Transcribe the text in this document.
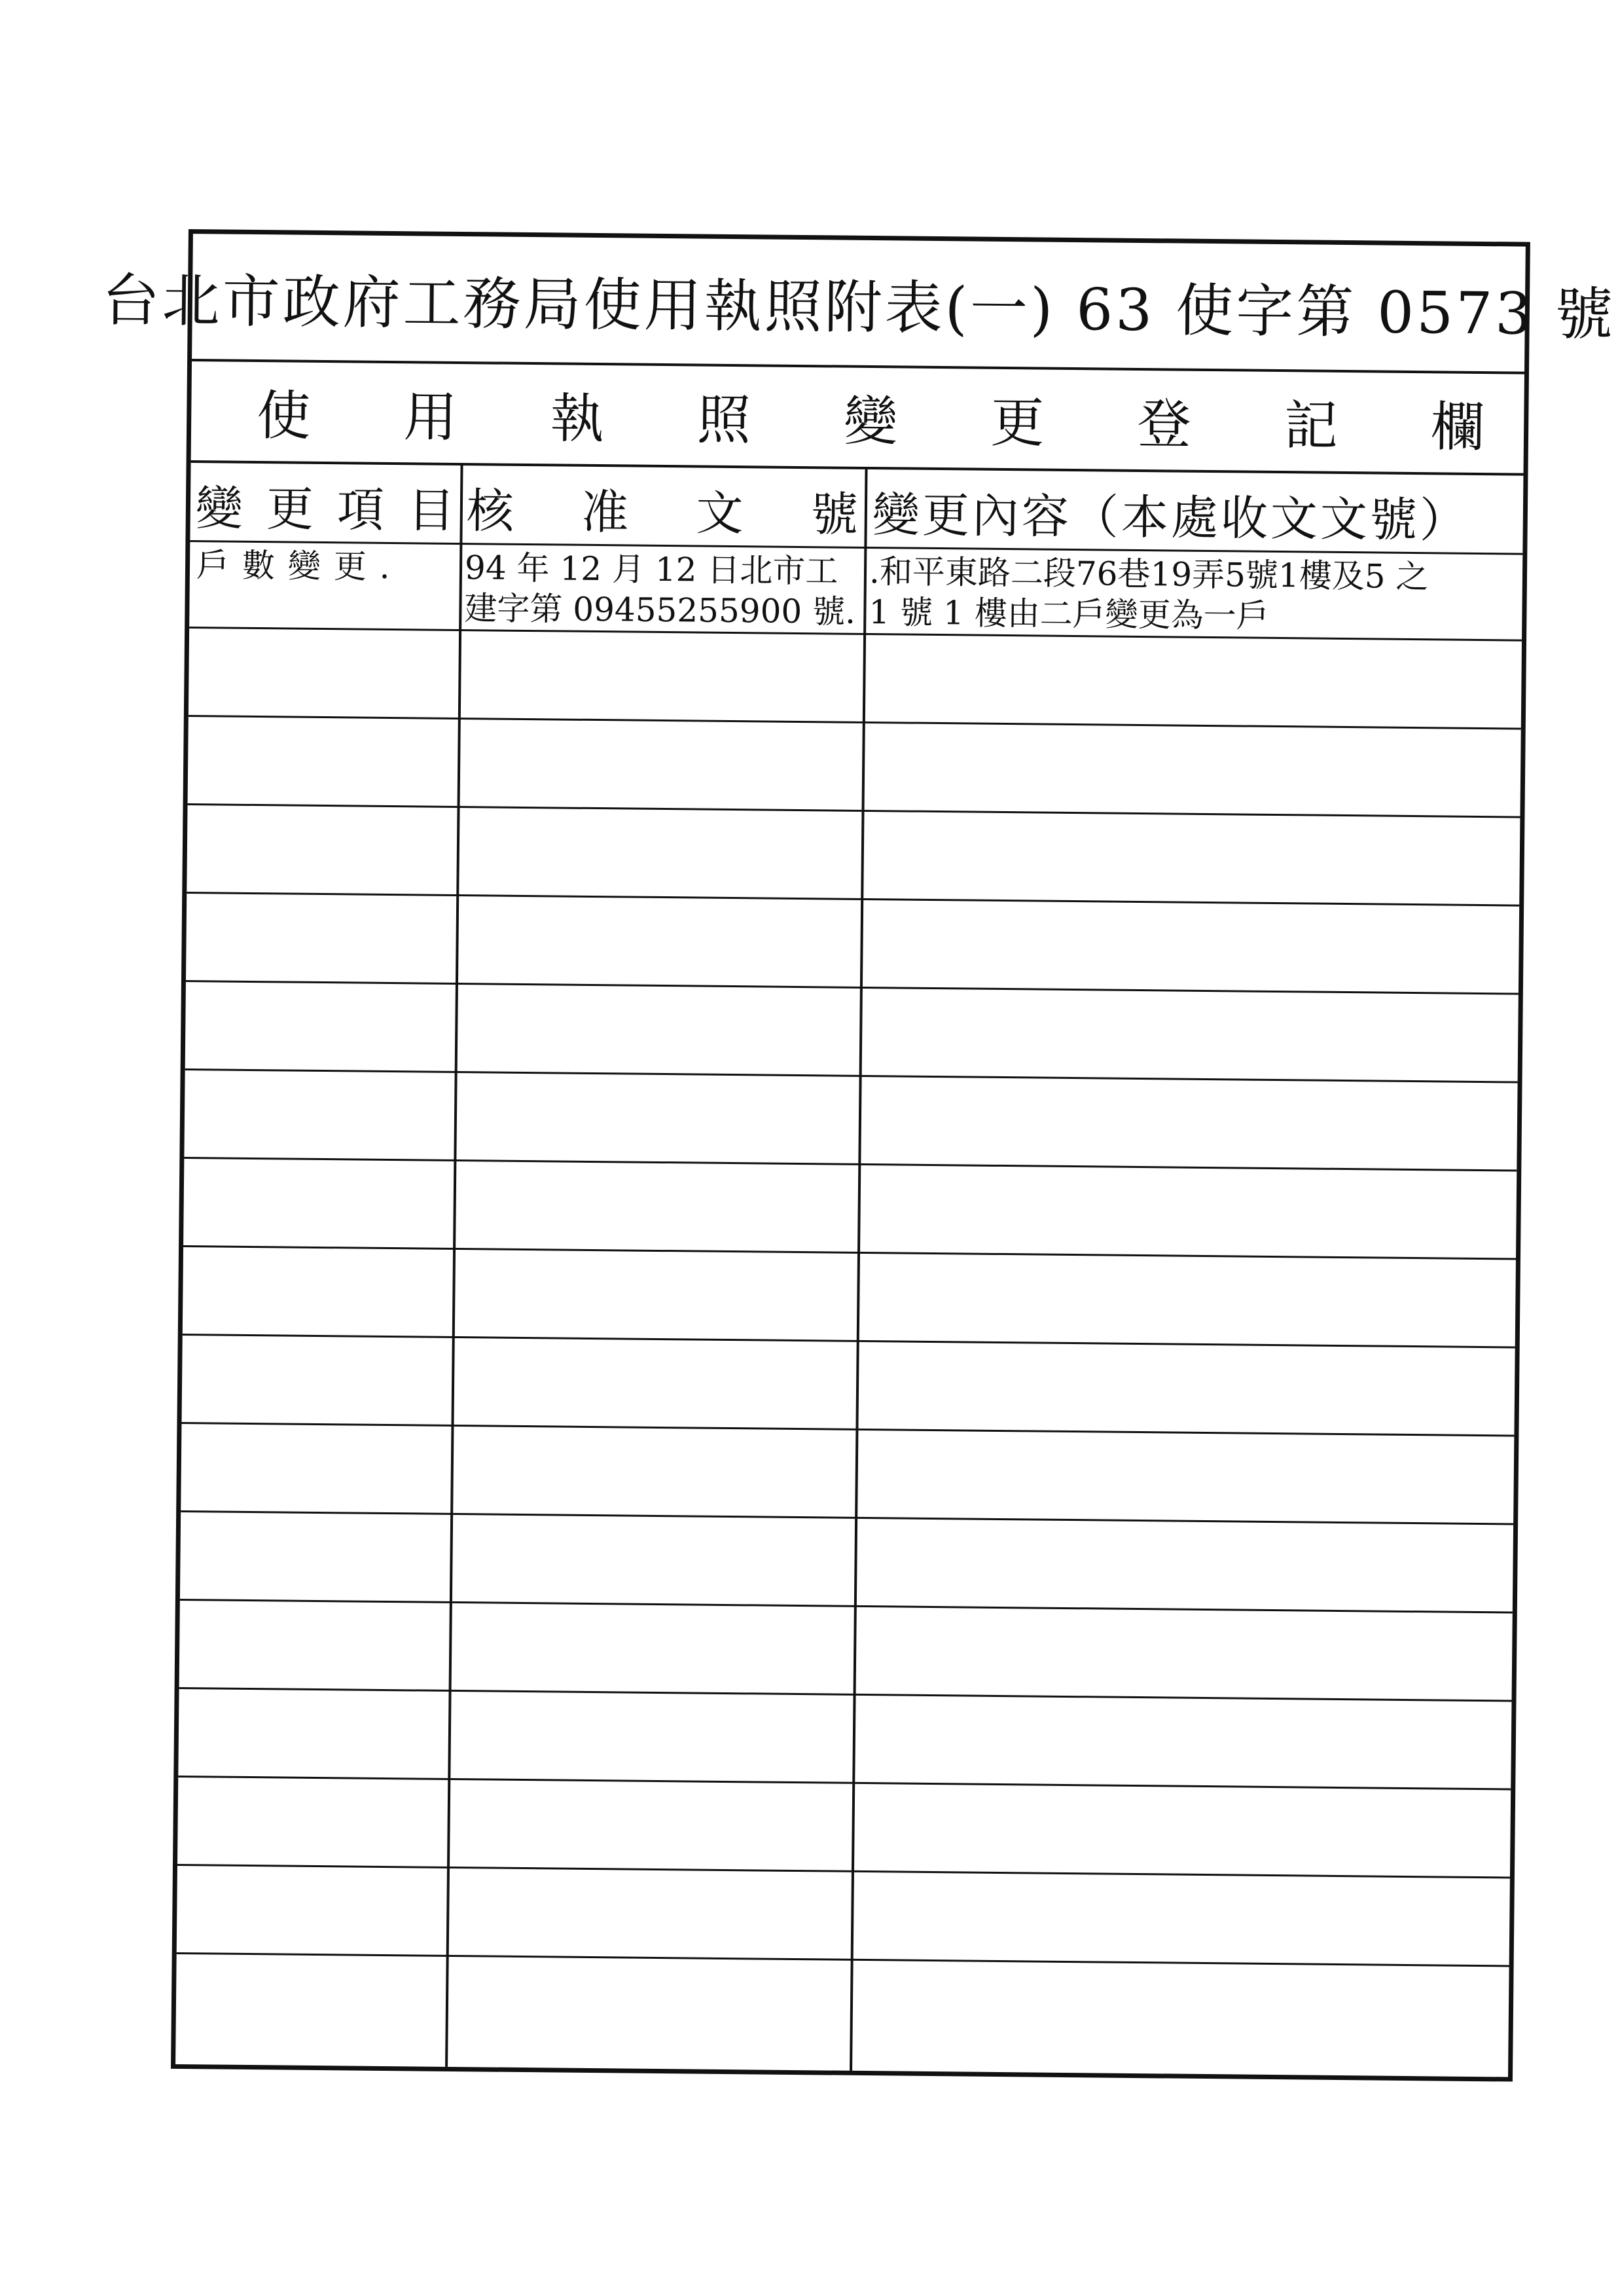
台北市政府工務局使用執照附表(一) 63 使字第 0573 號
使 用 執 照 變 更 登 記 欄
變 更 項 目 核 准 文 號 變更內容（本處收文文號）
戶 數 變 更 .	94 年 12 月 12 日北市工
建字第 09455255900 號.
.和平東路二段76巷19弄5號1樓及5 之
1 號 1 樓由二戶變更為一戶
